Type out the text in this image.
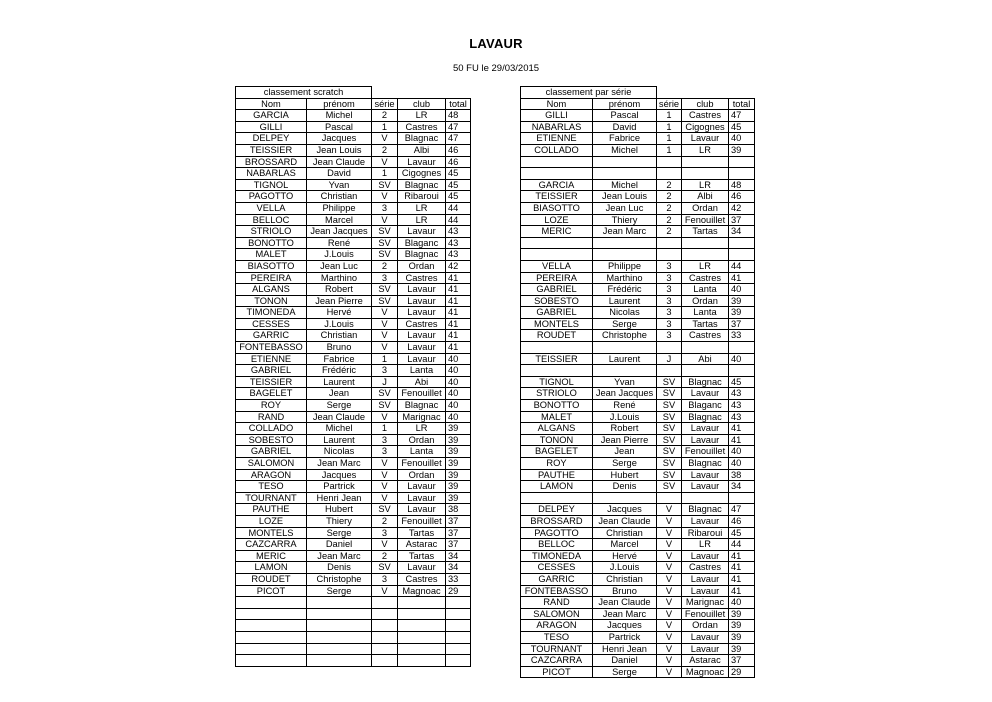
LAVAUR
50 FU le 29/03/2015
classement scratch				
Nom	prénom	série	club	total
GARCIA	Michel	2	LR	48
GILLI	Pascal	1	Castres	47
DELPEY	Jacques	V	Blagnac	47
TEISSIER	Jean Louis	2	Albi	46
BROSSARD	Jean Claude	V	Lavaur	46
NABARLAS	David	1	Cigognes	45
TIGNOL	Yvan	SV	Blagnac	45
PAGOTTO	Christian	V	Ribaroui	45
VELLA	Philippe	3	LR	44
BELLOC	Marcel	V	LR	44
STRIOLO	Jean Jacques	SV	Lavaur	43
BONOTTO	René	SV	Blaganc	43
MALET	J.Louis	SV	Blagnac	43
BIASOTTO	Jean Luc	2	Ordan	42
PEREIRA	Marthino	3	Castres	41
ALGANS	Robert	SV	Lavaur	41
TONON	Jean Pierre	SV	Lavaur	41
TIMONEDA	Hervé	V	Lavaur	41
CESSES	J.Louis	V	Castres	41
GARRIC	Christian	V	Lavaur	41
FONTEBASSO	Bruno	V	Lavaur	41
ETIENNE	Fabrice	1	Lavaur	40
GABRIEL	Frédéric	3	Lanta	40
TEISSIER	Laurent	J	Abi	40
BAGELET	Jean	SV	Fenouillet	40
ROY	Serge	SV	Blagnac	40
RAND	Jean Claude	V	Marignac	40
COLLADO	Michel	1	LR	39
SOBESTO	Laurent	3	Ordan	39
GABRIEL	Nicolas	3	Lanta	39
SALOMON	Jean Marc	V	Fenouillet	39
ARAGON	Jacques	V	Ordan	39
TESO	Partrick	V	Lavaur	39
TOURNANT	Henri Jean	V	Lavaur	39
PAUTHE	Hubert	SV	Lavaur	38
LOZE	Thiery	2	Fenouillet	37
MONTELS	Serge	3	Tartas	37
CAZCARRA	Daniel	V	Astarac	37
MERIC	Jean Marc	2	Tartas	34
LAMON	Denis	SV	Lavaur	34
ROUDET	Christophe	3	Castres	33
PICOT	Serge	V	Magnoac	29

classement par série				
Nom	prénom	série	club	total
GILLI	Pascal	1	Castres	47
NABARLAS	David	1	Cigognes	45
ETIENNE	Fabrice	1	Lavaur	40
COLLADO	Michel	1	LR	39

GARCIA	Michel	2	LR	48
TEISSIER	Jean Louis	2	Albi	46
BIASOTTO	Jean Luc	2	Ordan	42
LOZE	Thiery	2	Fenouillet	37
MERIC	Jean Marc	2	Tartas	34

VELLA	Philippe	3	LR	44
PEREIRA	Marthino	3	Castres	41
GABRIEL	Frédéric	3	Lanta	40
SOBESTO	Laurent	3	Ordan	39
GABRIEL	Nicolas	3	Lanta	39
MONTELS	Serge	3	Tartas	37
ROUDET	Christophe	3	Castres	33

TEISSIER	Laurent	J	Abi	40

TIGNOL	Yvan	SV	Blagnac	45
STRIOLO	Jean Jacques	SV	Lavaur	43
BONOTTO	René	SV	Blaganc	43
MALET	J.Louis	SV	Blagnac	43
ALGANS	Robert	SV	Lavaur	41
TONON	Jean Pierre	SV	Lavaur	41
BAGELET	Jean	SV	Fenouillet	40
ROY	Serge	SV	Blagnac	40
PAUTHE	Hubert	SV	Lavaur	38
LAMON	Denis	SV	Lavaur	34

DELPEY	Jacques	V	Blagnac	47
BROSSARD	Jean Claude	V	Lavaur	46
PAGOTTO	Christian	V	Ribaroui	45
BELLOC	Marcel	V	LR	44
TIMONEDA	Hervé	V	Lavaur	41
CESSES	J.Louis	V	Castres	41
GARRIC	Christian	V	Lavaur	41
FONTEBASSO	Bruno	V	Lavaur	41
RAND	Jean Claude	V	Marignac	40
SALOMON	Jean Marc	V	Fenouillet	39
ARAGON	Jacques	V	Ordan	39
TESO	Partrick	V	Lavaur	39
TOURNANT	Henri Jean	V	Lavaur	39
CAZCARRA	Daniel	V	Astarac	37
PICOT	Serge	V	Magnoac	29
